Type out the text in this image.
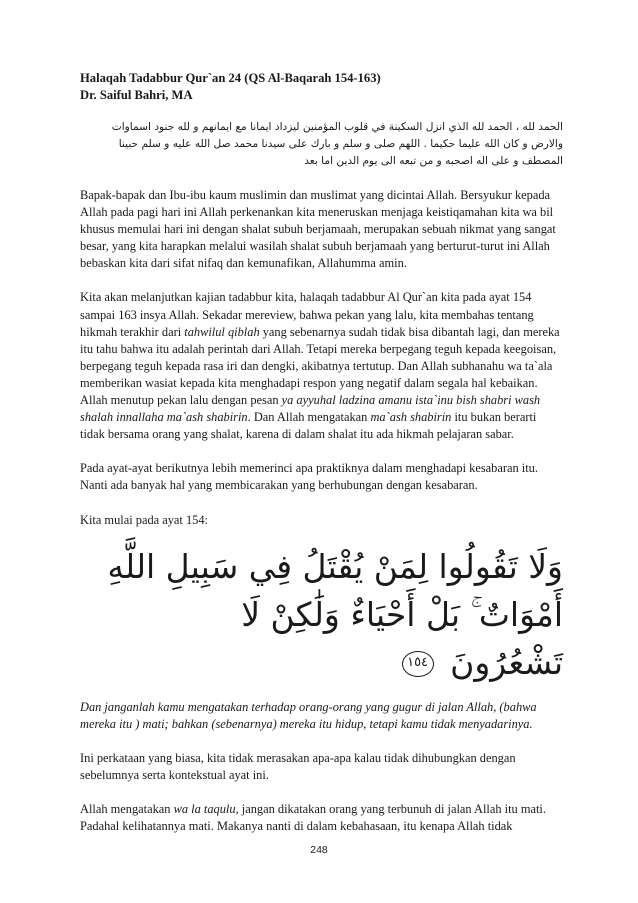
Halaqah Tadabbur Qur`an 24 (QS Al-Baqarah 154-163)
Dr. Saiful Bahri, MA
الحمد لله ، الحمد لله الذي انزل السكينة في قلوب المؤمنين ليزداد ايمانا مع ايمانهم و لله جنود اسماوات والارض و كان الله عليما حكيما . اللهم صلى و سلم و بارك على سيدنا محمد صل الله عليه و سلم حبينا المصطف و على اله اصحبه و من تبعه الى يوم الدين اما بعد

Bapak-bapak dan Ibu-ibu kaum muslimin dan muslimat yang dicintai Allah. Bersyukur kepada Allah pada pagi hari ini Allah perkenankan kita meneruskan menjaga keistiqamahan kita wa bil khusus memulai hari ini dengan shalat subuh berjamaah, merupakan sebuah nikmat yang sangat besar, yang kita harapkan melalui wasilah shalat subuh berjamaah yang berturut-turut ini Allah bebaskan kita dari sifat nifaq dan kemunafikan, Allahumma amin.

Kita akan melanjutkan kajian tadabbur kita, halaqah tadabbur Al Qur`an kita pada ayat 154 sampai 163 insya Allah. Sekadar mereview, bahwa pekan yang lalu, kita membahas tentang hikmah terakhir dari tahwilul qiblah yang sebenarnya sudah tidak bisa dibantah lagi, dan mereka itu tahu bahwa itu adalah perintah dari Allah. Tetapi mereka berpegang teguh kepada keegoisan, berpegang teguh kepada rasa iri dan dengki, akibatnya tertutup. Dan Allah subhanahu wa ta`ala memberikan wasiat kepada kita menghadapi respon yang negatif dalam segala hal kebaikan. Allah menutup pekan lalu dengan pesan ya ayyuhal ladzina amanu ista`inu bish shabri wash shalah innallaha ma`ash shabirin. Dan Allah mengatakan ma`ash shabirin itu bukan berarti tidak bersama orang yang shalat, karena di dalam shalat itu ada hikmah pelajaran sabar.

Pada ayat-ayat berikutnya lebih memerinci apa praktiknya dalam menghadapi kesabaran itu. Nanti ada banyak hal yang membicarakan yang berhubungan dengan kesabaran.

Kita mulai pada ayat 154:

وَلَا تَقُولُوا لِمَنْ يُقْتَلُ فِي سَبِيلِ اللَّهِ أَمْوَاتٌ ۚ بَلْ أَحْيَاءٌ وَلَٰكِنْ لَا
تَشْعُرُونَ ١٥٤

Dan janganlah kamu mengatakan terhadap orang-orang yang gugur di jalan Allah, (bahwa mereka itu ) mati; bahkan (sebenarnya) mereka itu hidup, tetapi kamu tidak menyadarinya.

Ini perkataan yang biasa, kita tidak merasakan apa-apa kalau tidak dihubungkan dengan sebelumnya serta kontekstual ayat ini.

Allah mengatakan wa la taqulu, jangan dikatakan orang yang terbunuh di jalan Allah itu mati. Padahal kelihatannya mati. Makanya nanti di dalam kebahasaan, itu kenapa Allah tidak

248
